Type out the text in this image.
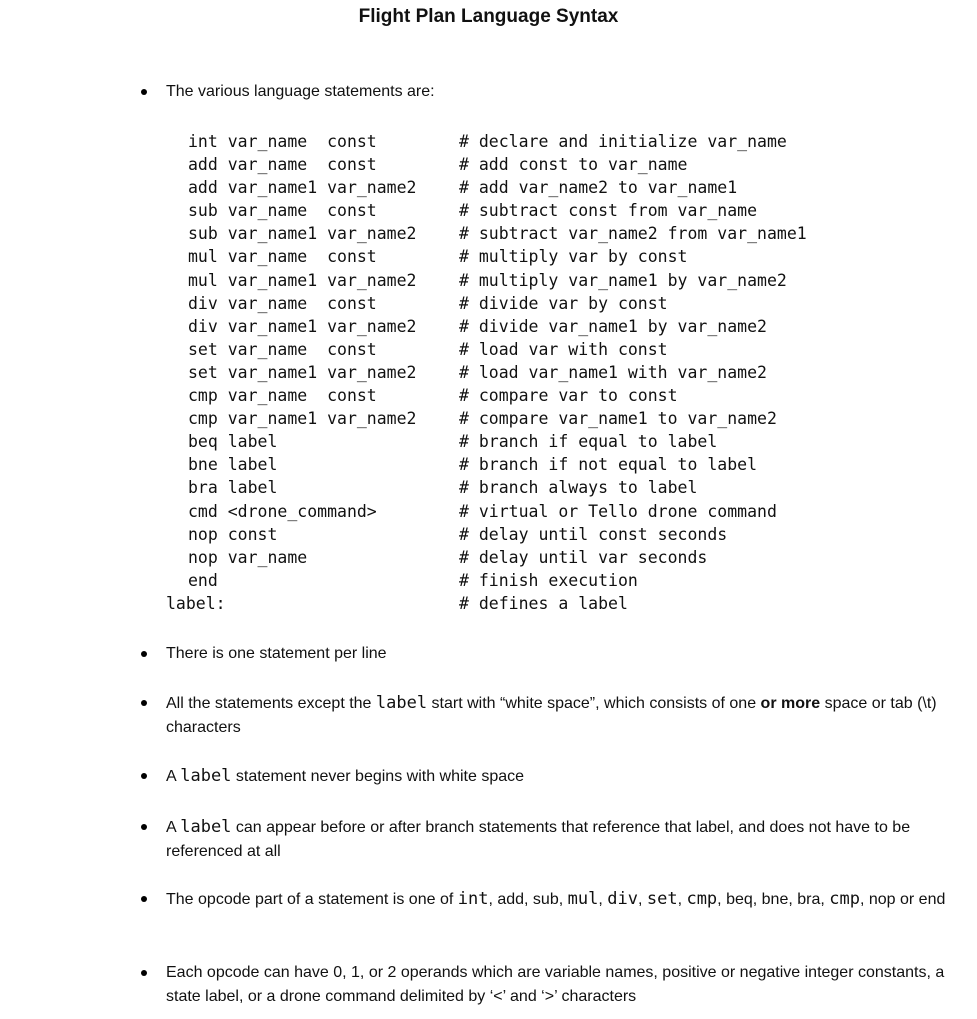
Flight Plan Language Syntax

The various language statements are:

int var_name  const	# declare and initialize var_name
add var_name  const	# add const to var_name
add var_name1 var_name2	# add var_name2 to var_name1
sub var_name  const	# subtract const from var_name
sub var_name1 var_name2	# subtract var_name2 from var_name1
mul var_name  const	# multiply var by const
mul var_name1 var_name2	# multiply var_name1 by var_name2
div var_name  const	# divide var by const
div var_name1 var_name2	# divide var_name1 by var_name2
set var_name  const	# load var with const
set var_name1 var_name2	# load var_name1 with var_name2
cmp var_name  const	# compare var to const
cmp var_name1 var_name2	# compare var_name1 to var_name2
beq label	# branch if equal to label
bne label	# branch if not equal to label
bra label	# branch always to label
cmd <drone_command>	# virtual or Tello drone command
nop const	# delay until const seconds
nop var_name	# delay until var seconds
end	# finish execution
label:	# defines a label

There is one statement per line

All the statements except the label start with “white space”, which consists of one or more space or tab (\t) characters

A label statement never begins with white space

A label can appear before or after branch statements that reference that label, and does not have to be referenced at all

The opcode part of a statement is one of int, add, sub, mul, div, set, cmp, beq, bne, bra, cmp, nop or end

Each opcode can have 0, 1, or 2 operands which are variable names, positive or negative integer constants, a state label, or a drone command delimited by ‘<’ and ‘>’ characters
